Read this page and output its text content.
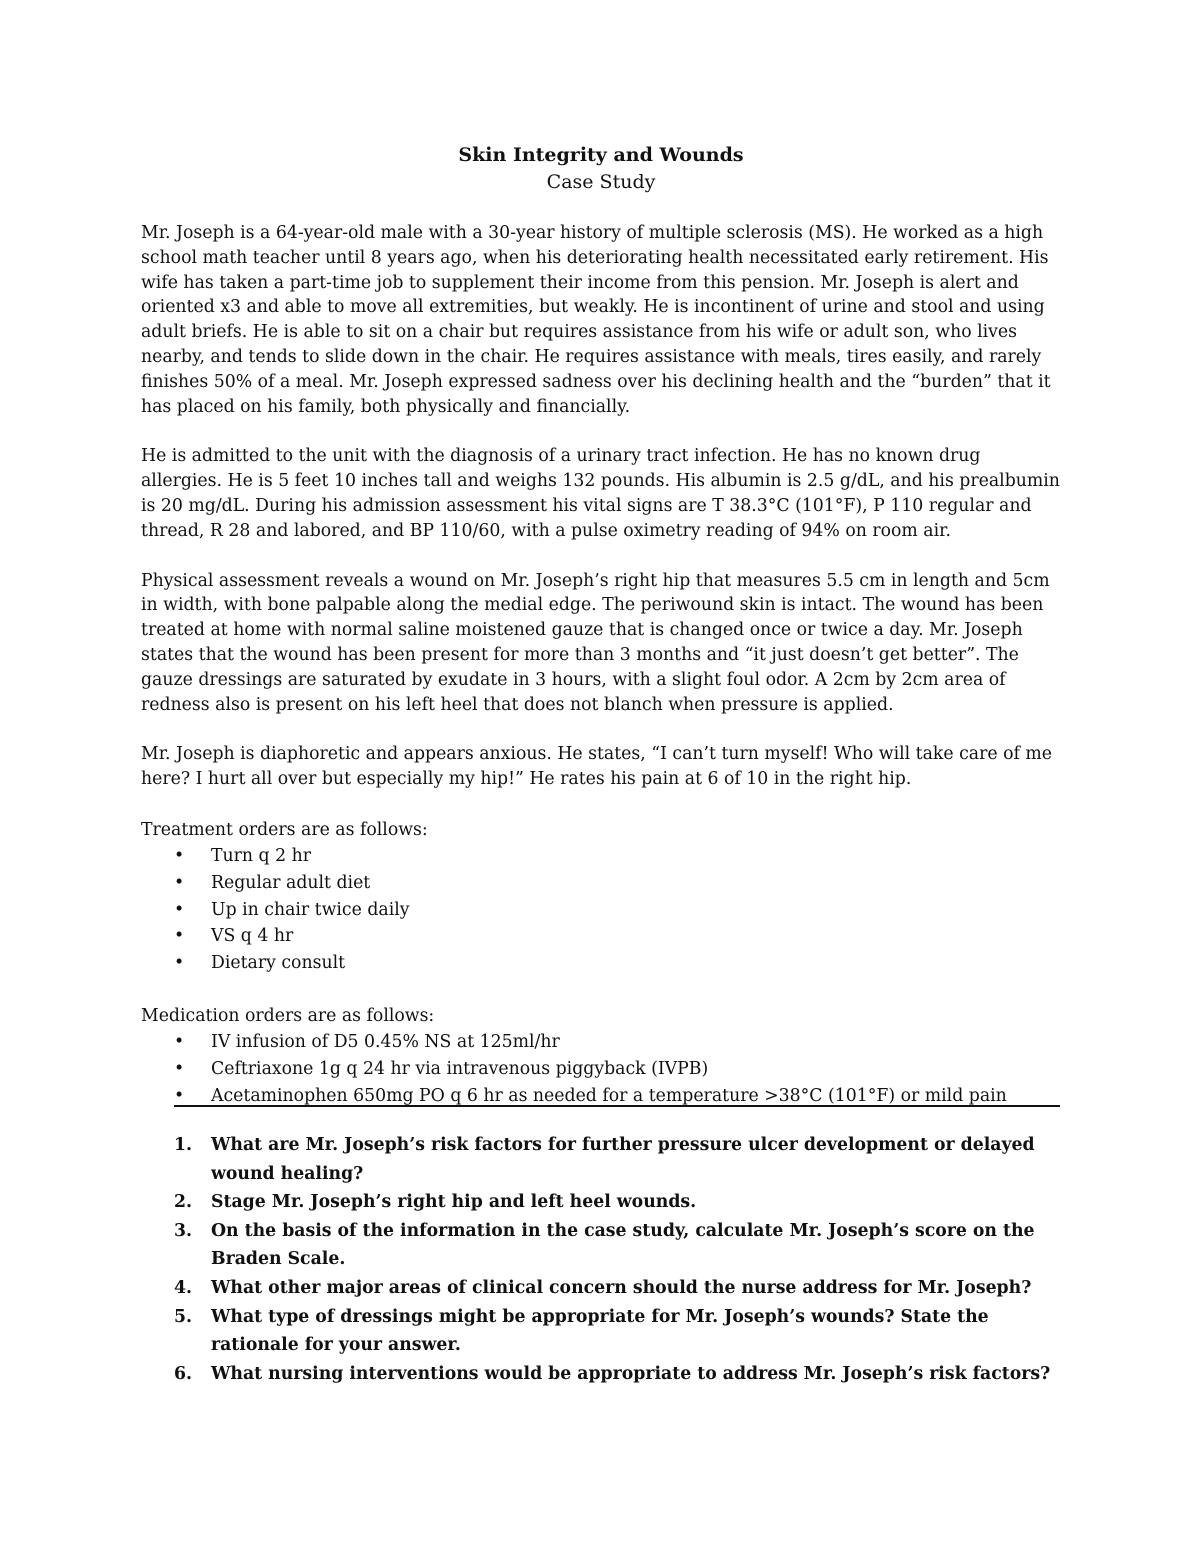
Skin Integrity and Wounds
Case Study

Mr. Joseph is a 64-year-old male with a 30-year history of multiple sclerosis (MS). He worked as a high school math teacher until 8 years ago, when his deteriorating health necessitated early retirement. His wife has taken a part-time job to supplement their income from this pension. Mr. Joseph is alert and oriented x3 and able to move all extremities, but weakly. He is incontinent of urine and stool and using adult briefs. He is able to sit on a chair but requires assistance from his wife or adult son, who lives nearby, and tends to slide down in the chair. He requires assistance with meals, tires easily, and rarely finishes 50% of a meal. Mr. Joseph expressed sadness over his declining health and the “burden” that it has placed on his family, both physically and financially.

He is admitted to the unit with the diagnosis of a urinary tract infection. He has no known drug allergies. He is 5 feet 10 inches tall and weighs 132 pounds. His albumin is 2.5 g/dL, and his prealbumin is 20 mg/dL. During his admission assessment his vital signs are T 38.3°C (101°F), P 110 regular and thread, R 28 and labored, and BP 110/60, with a pulse oximetry reading of 94% on room air.

Physical assessment reveals a wound on Mr. Joseph’s right hip that measures 5.5 cm in length and 5cm in width, with bone palpable along the medial edge. The periwound skin is intact. The wound has been treated at home with normal saline moistened gauze that is changed once or twice a day. Mr. Joseph states that the wound has been present for more than 3 months and “it just doesn’t get better”. The gauze dressings are saturated by exudate in 3 hours, with a slight foul odor. A 2cm by 2cm area of redness also is present on his left heel that does not blanch when pressure is applied.

Mr. Joseph is diaphoretic and appears anxious. He states, “I can’t turn myself! Who will take care of me here? I hurt all over but especially my hip!” He rates his pain at 6 of 10 in the right hip.

Treatment orders are as follows:
• Turn q 2 hr
• Regular adult diet
• Up in chair twice daily
• VS q 4 hr
• Dietary consult
Medication orders are as follows:
• IV infusion of D5 0.45% NS at 125ml/hr
• Ceftriaxone 1g q 24 hr via intravenous piggyback (IVPB)
• Acetaminophen 650mg PO q 6 hr as needed for a temperature >38°C (101°F) or mild pain
1. What are Mr. Joseph’s risk factors for further pressure ulcer development or delayed wound healing?
2. Stage Mr. Joseph’s right hip and left heel wounds.
3. On the basis of the information in the case study, calculate Mr. Joseph’s score on the Braden Scale.
4. What other major areas of clinical concern should the nurse address for Mr. Joseph?
5. What type of dressings might be appropriate for Mr. Joseph’s wounds? State the rationale for your answer.
6. What nursing interventions would be appropriate to address Mr. Joseph’s risk factors?
